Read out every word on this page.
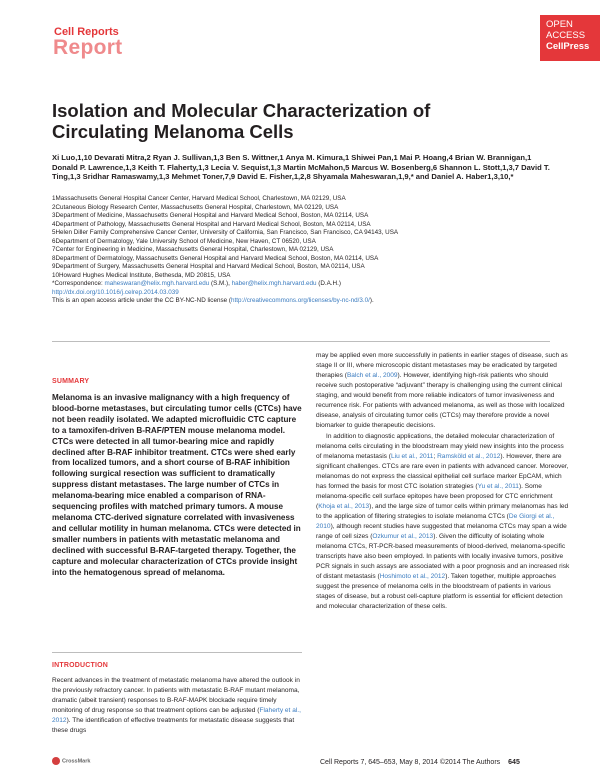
Cell Reports
Report
OPEN
ACCESS
CellPress
Isolation and Molecular Characterization of Circulating Melanoma Cells
Xi Luo,1,10 Devarati Mitra,2 Ryan J. Sullivan,1,3 Ben S. Wittner,1 Anya M. Kimura,1 Shiwei Pan,1 Mai P. Hoang,4 Brian W. Brannigan,1 Donald P. Lawrence,1,3 Keith T. Flaherty,1,3 Lecia V. Sequist,1,3 Martin McMahon,5 Marcus W. Bosenberg,6 Shannon L. Stott,1,3,7 David T. Ting,1,3 Sridhar Ramaswamy,1,3 Mehmet Toner,7,9 David E. Fisher,1,2,8 Shyamala Maheswaran,1,9,* and Daniel A. Haber1,3,10,*
1Massachusetts General Hospital Cancer Center, Harvard Medical School, Charlestown, MA 02129, USA
2Cutaneous Biology Research Center, Massachusetts General Hospital, Charlestown, MA 02129, USA
3Department of Medicine, Massachusetts General Hospital and Harvard Medical School, Boston, MA 02114, USA
4Department of Pathology, Massachusetts General Hospital and Harvard Medical School, Boston, MA 02114, USA
5Helen Diller Family Comprehensive Cancer Center, University of California, San Francisco, San Francisco, CA 94143, USA
6Department of Dermatology, Yale University School of Medicine, New Haven, CT 06520, USA
7Center for Engineering in Medicine, Massachusetts General Hospital, Charlestown, MA 02129, USA
8Department of Dermatology, Massachusetts General Hospital and Harvard Medical School, Boston, MA 02114, USA
9Department of Surgery, Massachusetts General Hospital and Harvard Medical School, Boston, MA 02114, USA
10Howard Hughes Medical Institute, Bethesda, MD 20815, USA
*Correspondence: maheswaran@helix.mgh.harvard.edu (S.M.), haber@helix.mgh.harvard.edu (D.A.H.)
http://dx.doi.org/10.1016/j.celrep.2014.03.039
This is an open access article under the CC BY-NC-ND license (http://creativecommons.org/licenses/by-nc-nd/3.0/).
SUMMARY
Melanoma is an invasive malignancy with a high frequency of blood-borne metastases, but circulating tumor cells (CTCs) have not been readily isolated. We adapted microfluidic CTC capture to a tamoxifen-driven B-RAF/PTEN mouse melanoma model. CTCs were detected in all tumor-bearing mice and rapidly declined after B-RAF inhibitor treatment. CTCs were shed early from localized tumors, and a short course of B-RAF inhibition following surgical resection was sufficient to dramatically suppress distant metastases. The large number of CTCs in melanoma-bearing mice enabled a comparison of RNA-sequencing profiles with matched primary tumors. A mouse melanoma CTC-derived signature correlated with invasiveness and cellular motility in human melanoma. CTCs were detected in smaller numbers in patients with metastatic melanoma and declined with successful B-RAF-targeted therapy. Together, the capture and molecular characterization of CTCs provide insight into the hematogenous spread of melanoma.
INTRODUCTION
Recent advances in the treatment of metastatic melanoma have altered the outlook in the previously refractory cancer. In patients with metastatic B-RAF mutant melanoma, dramatic (albeit transient) responses to B-RAF-MAPK blockade require timely monitoring of drug response so that treatment options can be adjusted (Flaherty et al., 2012). The identification of effective treatments for metastatic disease suggests that these drugs

may be applied even more successfully in patients in earlier stages of disease, such as stage II or III, where microscopic distant metastases may be eradicated by targeted therapies (Balch et al., 2009). However, identifying high-risk patients who should receive such postoperative “adjuvant” therapy is challenging using the current clinical staging, and would benefit from more reliable indicators of tumor invasiveness and recurrence risk. For patients with advanced melanoma, as well as those with localized disease, analysis of circulating tumor cells (CTCs) may therefore provide a novel biomarker to guide therapeutic decisions.

In addition to diagnostic applications, the detailed molecular characterization of melanoma cells circulating in the bloodstream may yield new insights into the process of melanoma metastasis (Liu et al., 2011; Ramsköld et al., 2012). However, there are significant challenges. CTCs are rare even in patients with advanced cancer. Moreover, melanomas do not express the classical epithelial cell surface marker EpCAM, which has formed the basis for most CTC isolation strategies (Yu et al., 2011). Some melanoma-specific cell surface epitopes have been proposed for CTC enrichment (Khoja et al., 2013), and the large size of tumor cells within primary melanomas has led to the application of filtering strategies to isolate melanoma CTCs (De Giorgi et al., 2010), although recent studies have suggested that melanoma CTCs may span a wide range of cell sizes (Ozkumur et al., 2013). Given the difficulty of isolating whole melanoma CTCs, RT-PCR-based measurements of blood-derived, melanoma-specific transcripts have also been employed. In patients with locally invasive tumors, positive PCR signals in such assays are associated with a poor prognosis and an increased risk of distant metastasis (Hoshimoto et al., 2012). Taken together, multiple approaches suggest the presence of melanoma cells in the bloodstream of patients in various stages of disease, but a robust cell-capture platform is essential for efficient detection and molecular characterization of these cells.

CrossMark	Cell Reports 7, 645–653, May 8, 2014 ©2014 The Authors 645
